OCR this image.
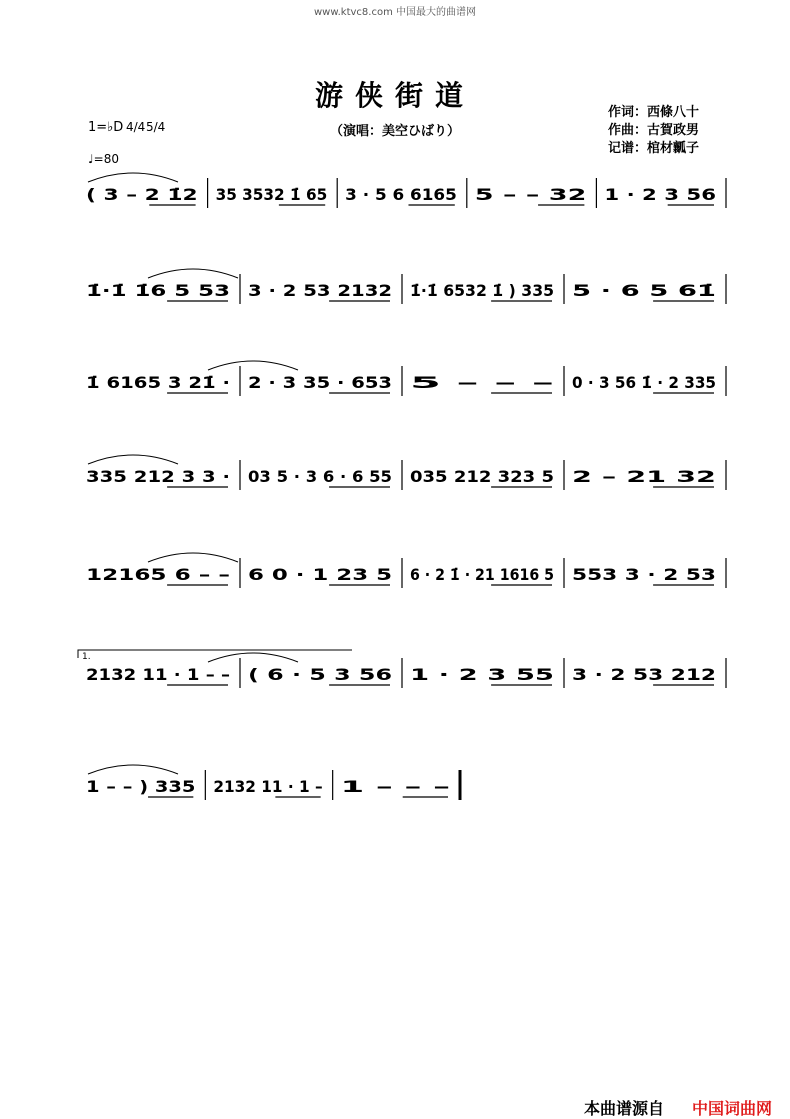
www.ktvc8.com 中国最大的曲谱网
游侠街道
（演唱：美空ひばり）
作词：西條八十
作曲：古賀政男
记谱：棺材瓤子
1=♭D 4/4 5/4
♩=80
( 3 – 2 1̇2 35 3532 1̇ 65 3 · 5 6 6165 5 – – 32 1 · 2 3 56
1̇·1̇ 1̇6 5 53 3 · 2 53 2132 1̇·1̇ 6532 1̇ ) 335 5 · 6 5 61̇
1̇ 6165 3 21̇ · 2 · 3 35 · 653 5 – – – 0 · 3 56 1̇ · 2 335
335 212 3 3 · 03 5 · 3 6 · 6 55 035 212 323 5 2 – 21 32
12165 6 – – 6 0 · 1 23 5 6 · 2 1̇ · 21 1616 5 553 3 · 2 53
2132 11 · 1 – – ( 6 · 5 3 56 1 · 2 3 55 3 · 2 53 212
1 – – ) 335 2132 11 · 1 – 1 – – –
1.
本曲谱源自 中国词曲网
